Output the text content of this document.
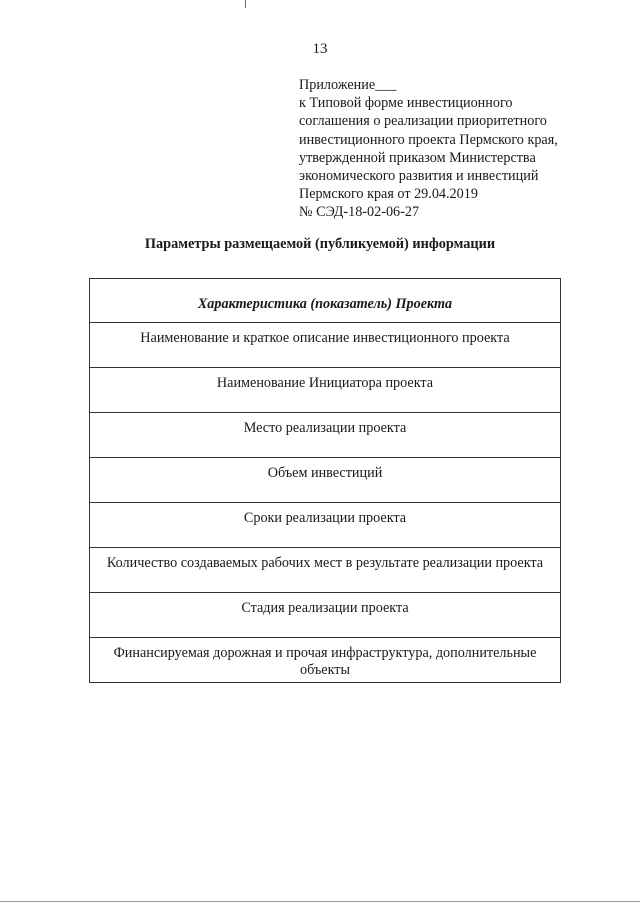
13
Приложение___
к Типовой форме инвестиционного
соглашения о реализации приоритетного
инвестиционного проекта Пермского края,
утвержденной приказом Министерства
экономического развития и инвестиций
Пермского края от 29.04.2019
№ СЭД-18-02-06-27
Параметры размещаемой (публикуемой) информации
Характеристика (показатель) Проекта

Наименование и краткое описание инвестиционного проекта

Наименование Инициатора проекта

Место реализации проекта

Объем инвестиций

Сроки реализации проекта

Количество создаваемых рабочих мест в результате реализации проекта

Стадия реализации проекта

Финансируемая дорожная и прочая инфраструктура, дополнительные объекты
